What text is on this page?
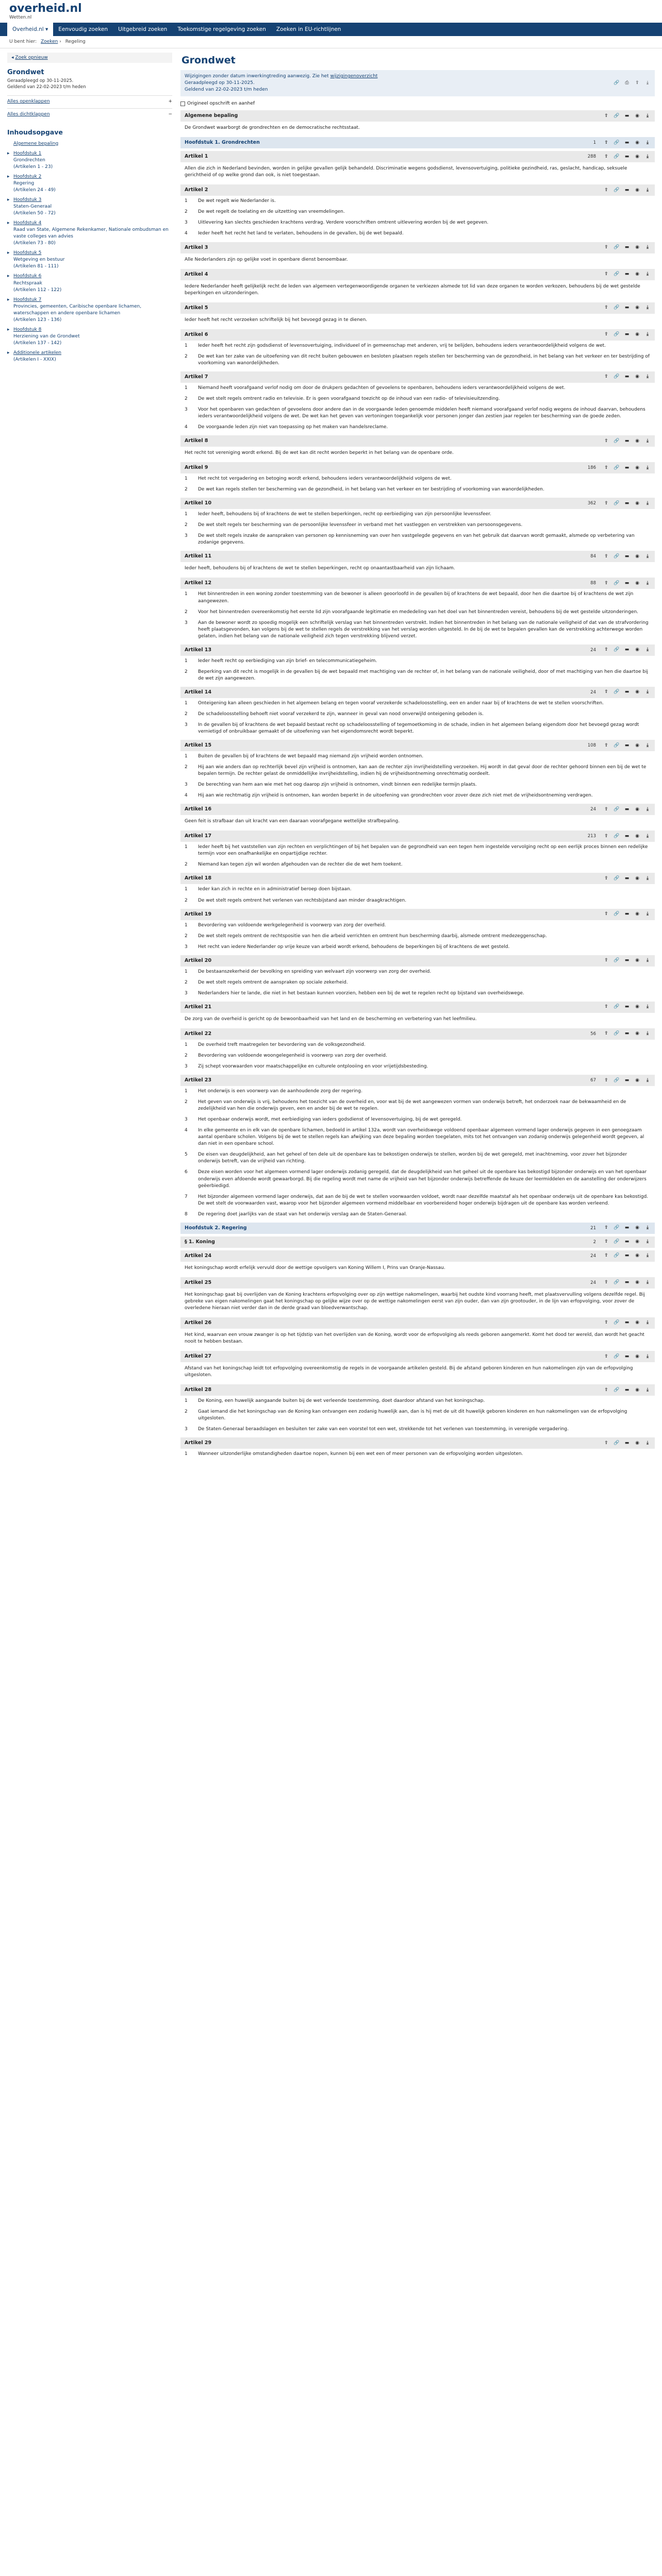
overheid.nl
Wetten.nl
Overheid.nl ▾	Eenvoudig zoeken	Uitgebreid zoeken	Toekomstige regelgeving zoeken	Zoeken in EU-richtlijnen
U bent hier: Zoeken › Regeling
◂ Zoek opnieuw
Grondwet
Geraadpleegd op 30-11-2025.
Geldend van 22-02-2023 t/m heden
Alles openklappen	+
Alles dichtklappen	−
Inhoudsopgave
Algemene bepaling
▸ Hoofdstuk 1
Grondrechten
(Artikelen 1 - 23)
▸ Hoofdstuk 2
Regering
(Artikelen 24 - 49)
▸ Hoofdstuk 3
Staten-Generaal
(Artikelen 50 - 72)
▸ Hoofdstuk 4
Raad van State, Algemene Rekenkamer, Nationale ombudsman en vaste colleges van advies
(Artikelen 73 - 80)
▸ Hoofdstuk 5
Wetgeving en bestuur
(Artikelen 81 - 111)
▸ Hoofdstuk 6
Rechtspraak
(Artikelen 112 - 122)
▸ Hoofdstuk 7
Provincies, gemeenten, Caribische openbare lichamen, waterschappen en andere openbare lichamen
(Artikelen 123 - 136)
▸ Hoofdstuk 8
Herziening van de Grondwet
(Artikelen 137 - 142)
▸ Additionele artikelen
(Artikelen I - XXIX)
Grondwet
Wijzigingen zonder datum inwerkingtreding aanwezig. Zie het wijzigingenoverzicht
Geraadpleegd op 30-11-2025.
Geldend van 22-02-2023 t/m heden
🔗 ⎙ ⇪	⤓
Origineel opschrift en aanhef
Algemene bepaling	⇪ 🔗 ▬ ◉	⤓
De Grondwet waarborgt de grondrechten en de democratische rechtsstaat.
Hoofdstuk 1. Grondrechten	1 ⇪ 🔗 ▬ ◉	⤓
Artikel 1	288 ⇪ 🔗 ▬ ◉	⤓
Allen die zich in Nederland bevinden, worden in gelijke gevallen gelijk behandeld. Discriminatie wegens godsdienst, levensovertuiging, politieke gezindheid, ras, geslacht, handicap, seksuele gerichtheid of op welke grond dan ook, is niet toegestaan.
Artikel 2	⇪ 🔗 ▬ ◉	⤓
1	De wet regelt wie Nederlander is.
2	De wet regelt de toelating en de uitzetting van vreemdelingen.
3	Uitlevering kan slechts geschieden krachtens verdrag. Verdere voorschriften omtrent uitlevering worden bij de wet gegeven.
4	Ieder heeft het recht het land te verlaten, behoudens in de gevallen, bij de wet bepaald.
Artikel 3	⇪ 🔗 ▬ ◉	⤓
Alle Nederlanders zijn op gelijke voet in openbare dienst benoembaar.
Artikel 4	⇪ 🔗 ▬ ◉	⤓
Iedere Nederlander heeft gelijkelijk recht de leden van algemeen vertegenwoordigende organen te verkiezen alsmede tot lid van deze organen te worden verkozen, behoudens bij de wet gestelde beperkingen en uitzonderingen.
Artikel 5	⇪ 🔗 ▬ ◉	⤓
Ieder heeft het recht verzoeken schriftelijk bij het bevoegd gezag in te dienen.
Artikel 6	⇪ 🔗 ▬ ◉	⤓
1	Ieder heeft het recht zijn godsdienst of levensovertuiging, individueel of in gemeenschap met anderen, vrij te belijden, behoudens ieders verantwoordelijkheid volgens de wet.
2	De wet kan ter zake van de uitoefening van dit recht buiten gebouwen en besloten plaatsen regels stellen ter bescherming van de gezondheid, in het belang van het verkeer en ter bestrijding of voorkoming van wanordelijkheden.
Artikel 7	⇪ 🔗 ▬ ◉	⤓
1	Niemand heeft voorafgaand verlof nodig om door de drukpers gedachten of gevoelens te openbaren, behoudens ieders verantwoordelijkheid volgens de wet.
2	De wet stelt regels omtrent radio en televisie. Er is geen voorafgaand toezicht op de inhoud van een radio- of televisieuitzending.
3	Voor het openbaren van gedachten of gevoelens door andere dan in de voorgaande leden genoemde middelen heeft niemand voorafgaand verlof nodig wegens de inhoud daarvan, behoudens ieders verantwoordelijkheid volgens de wet. De wet kan het geven van vertoningen toegankelijk voor personen jonger dan zestien jaar regelen ter bescherming van de goede zeden.
4	De voorgaande leden zijn niet van toepassing op het maken van handelsreclame.
Artikel 8	⇪ 🔗 ▬ ◉	⤓
Het recht tot vereniging wordt erkend. Bij de wet kan dit recht worden beperkt in het belang van de openbare orde.
Artikel 9	186 ⇪ 🔗 ▬ ◉	⤓
1	Het recht tot vergadering en betoging wordt erkend, behoudens ieders verantwoordelijkheid volgens de wet.
2	De wet kan regels stellen ter bescherming van de gezondheid, in het belang van het verkeer en ter bestrijding of voorkoming van wanordelijkheden.
Artikel 10	362 ⇪ 🔗 ▬ ◉	⤓
1	Ieder heeft, behoudens bij of krachtens de wet te stellen beperkingen, recht op eerbiediging van zijn persoonlijke levenssfeer.
2	De wet stelt regels ter bescherming van de persoonlijke levenssfeer in verband met het vastleggen en verstrekken van persoonsgegevens.
3	De wet stelt regels inzake de aanspraken van personen op kennisneming van over hen vastgelegde gegevens en van het gebruik dat daarvan wordt gemaakt, alsmede op verbetering van zodanige gegevens.
Artikel 11	84 ⇪ 🔗 ▬ ◉	⤓
Ieder heeft, behoudens bij of krachtens de wet te stellen beperkingen, recht op onaantastbaarheid van zijn lichaam.
Artikel 12	88 ⇪ 🔗 ▬ ◉	⤓
1	Het binnentreden in een woning zonder toestemming van de bewoner is alleen geoorloofd in de gevallen bij of krachtens de wet bepaald, door hen die daartoe bij of krachtens de wet zijn aangewezen.
2	Voor het binnentreden overeenkomstig het eerste lid zijn voorafgaande legitimatie en mededeling van het doel van het binnentreden vereist, behoudens bij de wet gestelde uitzonderingen.
3	Aan de bewoner wordt zo spoedig mogelijk een schriftelijk verslag van het binnentreden verstrekt. Indien het binnentreden in het belang van de nationale veiligheid of dat van de strafvordering heeft plaatsgevonden, kan volgens bij de wet te stellen regels de verstrekking van het verslag worden uitgesteld. In de bij de wet te bepalen gevallen kan de verstrekking achterwege worden gelaten, indien het belang van de nationale veiligheid zich tegen verstrekking blijvend verzet.
Artikel 13	24 ⇪ 🔗 ▬ ◉	⤓
1	Ieder heeft recht op eerbiediging van zijn brief- en telecommunicatiegeheim.
2	Beperking van dit recht is mogelijk in de gevallen bij de wet bepaald met machtiging van de rechter of, in het belang van de nationale veiligheid, door of met machtiging van hen die daartoe bij de wet zijn aangewezen.
Artikel 14	24 ⇪ 🔗 ▬ ◉	⤓
1	Onteigening kan alleen geschieden in het algemeen belang en tegen vooraf verzekerde schadeloosstelling, een en ander naar bij of krachtens de wet te stellen voorschriften.
2	De schadeloosstelling behoeft niet vooraf verzekerd te zijn, wanneer in geval van nood onverwijld onteigening geboden is.
3	In de gevallen bij of krachtens de wet bepaald bestaat recht op schadeloosstelling of tegemoetkoming in de schade, indien in het algemeen belang eigendom door het bevoegd gezag wordt vernietigd of onbruikbaar gemaakt of de uitoefening van het eigendomsrecht wordt beperkt.
Artikel 15	108 ⇪ 🔗 ▬ ◉	⤓
1	Buiten de gevallen bij of krachtens de wet bepaald mag niemand zijn vrijheid worden ontnomen.
2	Hij aan wie anders dan op rechterlijk bevel zijn vrijheid is ontnomen, kan aan de rechter zijn invrijheidstelling verzoeken. Hij wordt in dat geval door de rechter gehoord binnen een bij de wet te bepalen termijn. De rechter gelast de onmiddellijke invrijheidstelling, indien hij de vrijheidsontneming onrechtmatig oordeelt.
3	De berechting van hem aan wie met het oog daarop zijn vrijheid is ontnomen, vindt binnen een redelijke termijn plaats.
4	Hij aan wie rechtmatig zijn vrijheid is ontnomen, kan worden beperkt in de uitoefening van grondrechten voor zover deze zich niet met de vrijheidsontneming verdragen.
Artikel 16	24 ⇪ 🔗 ▬ ◉	⤓
Geen feit is strafbaar dan uit kracht van een daaraan voorafgegane wettelijke strafbepaling.
Artikel 17	213 ⇪ 🔗 ▬ ◉	⤓
1	Ieder heeft bij het vaststellen van zijn rechten en verplichtingen of bij het bepalen van de gegrondheid van een tegen hem ingestelde vervolging recht op een eerlijk proces binnen een redelijke termijn voor een onafhankelijke en onpartijdige rechter.
2	Niemand kan tegen zijn wil worden afgehouden van de rechter die de wet hem toekent.
Artikel 18	⇪ 🔗 ▬ ◉	⤓
1	Ieder kan zich in rechte en in administratief beroep doen bijstaan.
2	De wet stelt regels omtrent het verlenen van rechtsbijstand aan minder draagkrachtigen.
Artikel 19	⇪ 🔗 ▬ ◉	⤓
1	Bevordering van voldoende werkgelegenheid is voorwerp van zorg der overheid.
2	De wet stelt regels omtrent de rechtspositie van hen die arbeid verrichten en omtrent hun bescherming daarbij, alsmede omtrent medezeggenschap.
3	Het recht van iedere Nederlander op vrije keuze van arbeid wordt erkend, behoudens de beperkingen bij of krachtens de wet gesteld.
Artikel 20	⇪ 🔗 ▬ ◉	⤓
1	De bestaanszekerheid der bevolking en spreiding van welvaart zijn voorwerp van zorg der overheid.
2	De wet stelt regels omtrent de aanspraken op sociale zekerheid.
3	Nederlanders hier te lande, die niet in het bestaan kunnen voorzien, hebben een bij de wet te regelen recht op bijstand van overheidswege.
Artikel 21	⇪ 🔗 ▬ ◉	⤓
De zorg van de overheid is gericht op de bewoonbaarheid van het land en de bescherming en verbetering van het leefmilieu.
Artikel 22	56 ⇪ 🔗 ▬ ◉	⤓
1	De overheid treft maatregelen ter bevordering van de volksgezondheid.
2	Bevordering van voldoende woongelegenheid is voorwerp van zorg der overheid.
3	Zij schept voorwaarden voor maatschappelijke en culturele ontplooiing en voor vrijetijdsbesteding.
Artikel 23	67 ⇪ 🔗 ▬ ◉	⤓
1	Het onderwijs is een voorwerp van de aanhoudende zorg der regering.
2	Het geven van onderwijs is vrij, behoudens het toezicht van de overheid en, voor wat bij de wet aangewezen vormen van onderwijs betreft, het onderzoek naar de bekwaamheid en de zedelijkheid van hen die onderwijs geven, een en ander bij de wet te regelen.
3	Het openbaar onderwijs wordt, met eerbiediging van ieders godsdienst of levensovertuiging, bij de wet geregeld.
4	In elke gemeente en in elk van de openbare lichamen, bedoeld in artikel 132a, wordt van overheidswege voldoend openbaar algemeen vormend lager onderwijs gegeven in een genoegzaam aantal openbare scholen. Volgens bij de wet te stellen regels kan afwijking van deze bepaling worden toegelaten, mits tot het ontvangen van zodanig onderwijs gelegenheid wordt gegeven, al dan niet in een openbare school.
5	De eisen van deugdelijkheid, aan het geheel of ten dele uit de openbare kas te bekostigen onderwijs te stellen, worden bij de wet geregeld, met inachtneming, voor zover het bijzonder onderwijs betreft, van de vrijheid van richting.
6	Deze eisen worden voor het algemeen vormend lager onderwijs zodanig geregeld, dat de deugdelijkheid van het geheel uit de openbare kas bekostigd bijzonder onderwijs en van het openbaar onderwijs even afdoende wordt gewaarborgd. Bij die regeling wordt met name de vrijheid van het bijzonder onderwijs betreffende de keuze der leermiddelen en de aanstelling der onderwijzers geëerbiedigd.
7	Het bijzonder algemeen vormend lager onderwijs, dat aan de bij de wet te stellen voorwaarden voldoet, wordt naar dezelfde maatstaf als het openbaar onderwijs uit de openbare kas bekostigd. De wet stelt de voorwaarden vast, waarop voor het bijzonder algemeen vormend middelbaar en voorbereidend hoger onderwijs bijdragen uit de openbare kas worden verleend.
8	De regering doet jaarlijks van de staat van het onderwijs verslag aan de Staten-Generaal.
Hoofdstuk 2. Regering	21 ⇪ 🔗 ▬ ◉	⤓
§ 1. Koning	2 ⇪ 🔗 ▬ ◉	⤓
Artikel 24	24 ⇪ 🔗 ▬ ◉	⤓
Het koningschap wordt erfelijk vervuld door de wettige opvolgers van Koning Willem I, Prins van Oranje-Nassau.
Artikel 25	24 ⇪ 🔗 ▬ ◉	⤓
Het koningschap gaat bij overlijden van de Koning krachtens erfopvolging over op zijn wettige nakomelingen, waarbij het oudste kind voorrang heeft, met plaatsvervulling volgens dezelfde regel. Bij gebreke van eigen nakomelingen gaat het koningschap op gelijke wijze over op de wettige nakomelingen eerst van zijn ouder, dan van zijn grootouder, in de lijn van erfopvolging, voor zover de overledene hieraan niet verder dan in de derde graad van bloedverwantschap.
Artikel 26	⇪ 🔗 ▬ ◉	⤓
Het kind, waarvan een vrouw zwanger is op het tijdstip van het overlijden van de Koning, wordt voor de erfopvolging als reeds geboren aangemerkt. Komt het dood ter wereld, dan wordt het geacht nooit te hebben bestaan.
Artikel 27	⇪ 🔗 ▬ ◉	⤓
Afstand van het koningschap leidt tot erfopvolging overeenkomstig de regels in de voorgaande artikelen gesteld. Bij de afstand geboren kinderen en hun nakomelingen zijn van de erfopvolging uitgesloten.
Artikel 28	⇪ 🔗 ▬ ◉	⤓
1	De Koning, een huwelijk aangaande buiten bij de wet verleende toestemming, doet daardoor afstand van het koningschap.
2	Gaat iemand die het koningschap van de Koning kan ontvangen een zodanig huwelijk aan, dan is hij met de uit dit huwelijk geboren kinderen en hun nakomelingen van de erfopvolging uitgesloten.
3	De Staten-Generaal beraadslagen en besluiten ter zake van een voorstel tot een wet, strekkende tot het verlenen van toestemming, in verenigde vergadering.
Artikel 29	⇪ 🔗 ▬ ◉	⤓
1	Wanneer uitzonderlijke omstandigheden daartoe nopen, kunnen bij een wet een of meer personen van de erfopvolging worden uitgesloten.
